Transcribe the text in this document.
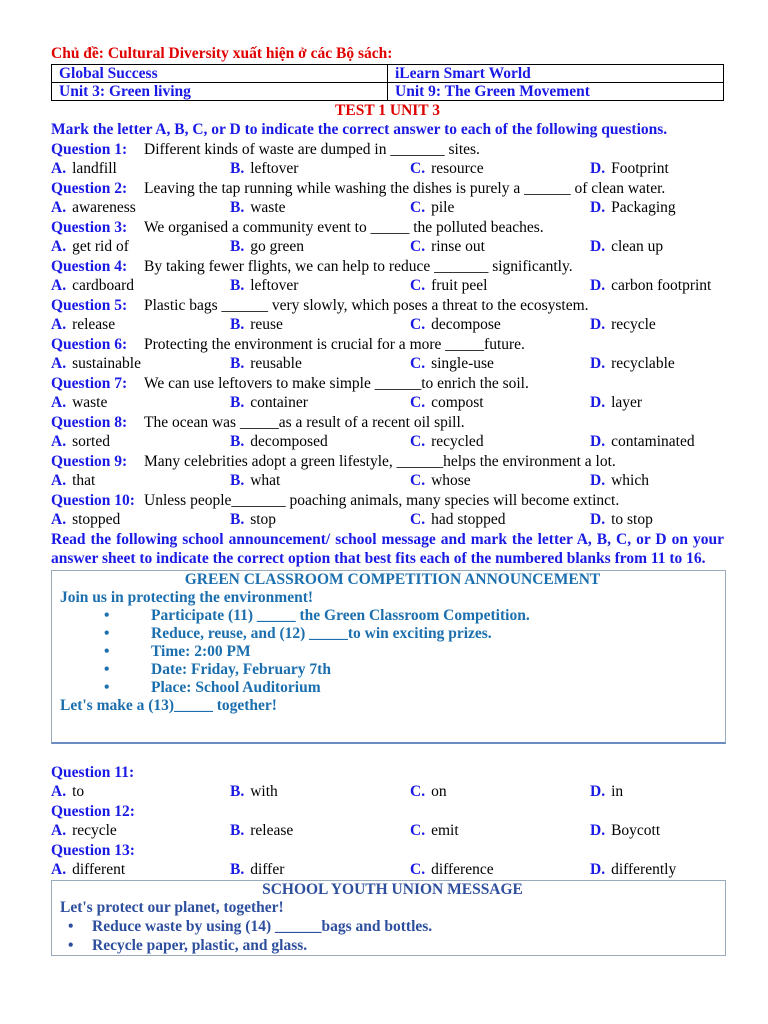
Chủ đề: Cultural Diversity xuất hiện ở các Bộ sách:
Global Success	iLearn Smart World
Unit 3: Green living	Unit 9: The Green Movement
TEST 1 UNIT 3
Mark the letter A, B, C, or D to indicate the correct answer to each of the following questions.
Question 1: Different kinds of waste are dumped in _______ sites.
A. landfill	B. leftover	C. resource	D. Footprint
Question 2: Leaving the tap running while washing the dishes is purely a ______ of clean water.
A. awareness	B. waste	C. pile	D. Packaging
Question 3: We organised a community event to _____ the polluted beaches.
A. get rid of	B. go green	C. rinse out	D. clean up
Question 4: By taking fewer flights, we can help to reduce _______ significantly.
A. cardboard	B. leftover	C. fruit peel	D. carbon footprint
Question 5: Plastic bags ______ very slowly, which poses a threat to the ecosystem.
A. release	B. reuse	C. decompose	D. recycle
Question 6: Protecting the environment is crucial for a more _____future.
A. sustainable	B. reusable	C. single-use	D. recyclable
Question 7: We can use leftovers to make simple ______to enrich the soil.
A. waste	B. container	C. compost	D. layer
Question 8: The ocean was _____as a result of a recent oil spill.
A. sorted	B. decomposed	C. recycled	D. contaminated
Question 9: Many celebrities adopt a green lifestyle, ______helps the environment a lot.
A. that	B. what	C. whose	D. which
Question 10: Unless people_______ poaching animals, many species will become extinct.
A. stopped	B. stop	C. had stopped	D. to stop
Read the following school announcement/ school message and mark the letter A, B, C, or D on your answer sheet to indicate the correct option that best fits each of the numbered blanks from 11 to 16.
GREEN CLASSROOM COMPETITION ANNOUNCEMENT
Join us in protecting the environment!
• Participate (11) _____ the Green Classroom Competition.
• Reduce, reuse, and (12) _____to win exciting prizes.
• Time: 2:00 PM
• Date: Friday, February 7th
• Place: School Auditorium
Let's make a (13)_____ together!
Question 11:
A. to	B. with	C. on	D. in
Question 12:
A. recycle	B. release	C. emit	D. Boycott
Question 13:
A. different	B. differ	C. difference	D. differently
SCHOOL YOUTH UNION MESSAGE
Let's protect our planet, together!
• Reduce waste by using (14) ______bags and bottles.
• Recycle paper, plastic, and glass.
